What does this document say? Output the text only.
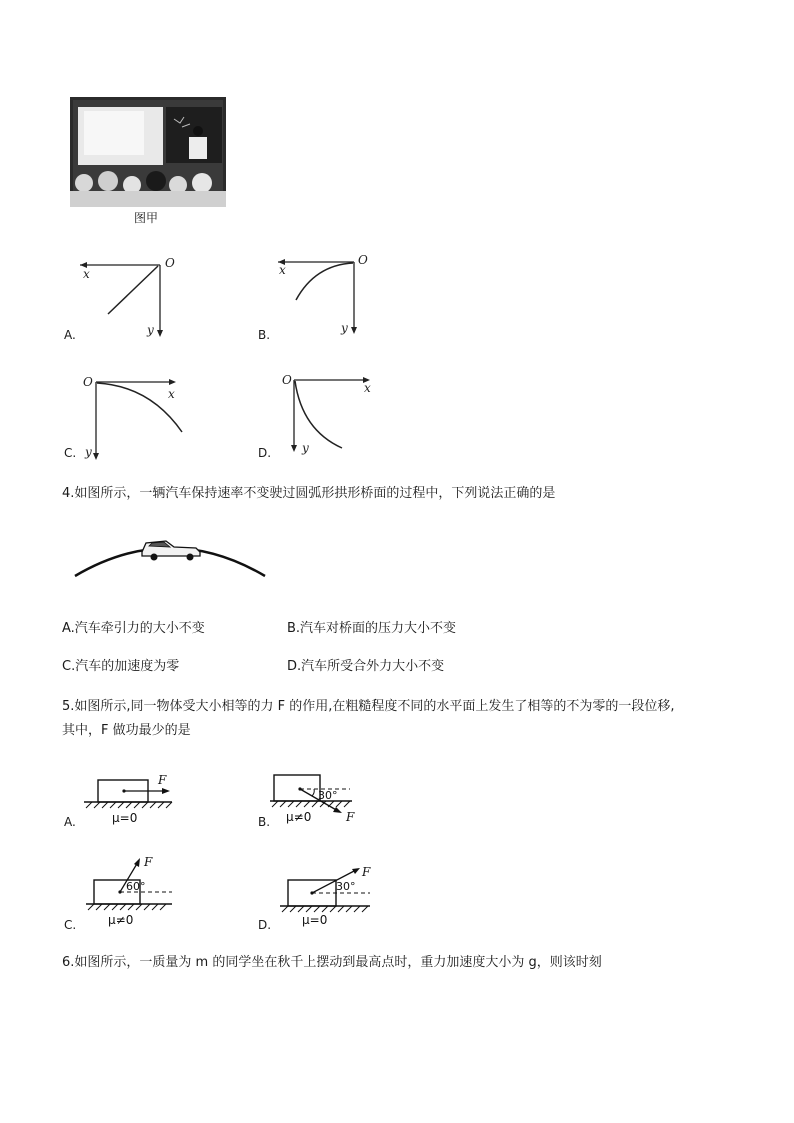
图甲
A.
O
x
y	B.
O
x
y
C.
O
x
y	D.
O
x
y
4.如图所示，一辆汽车保持速率不变驶过圆弧形拱形桥面的过程中，下列说法正确的是
A.汽车牵引力的大小不变	B.汽车对桥面的压力大小不变
C.汽车的加速度为零	D.汽车所受合外力大小不变
5.如图所示,同一物体受大小相等的力 F 的作用,在粗糙程度不同的水平面上发生了相等的不为零的一段位移,
其中，F 做功最少的是
A.
F
μ=0	B.
30°
F
μ≠0
C.
F
60°
μ≠0	D.
F
30°
μ=0
6.如图所示，一质量为 m 的同学坐在秋千上摆动到最高点时，重力加速度大小为 g，则该时刻
